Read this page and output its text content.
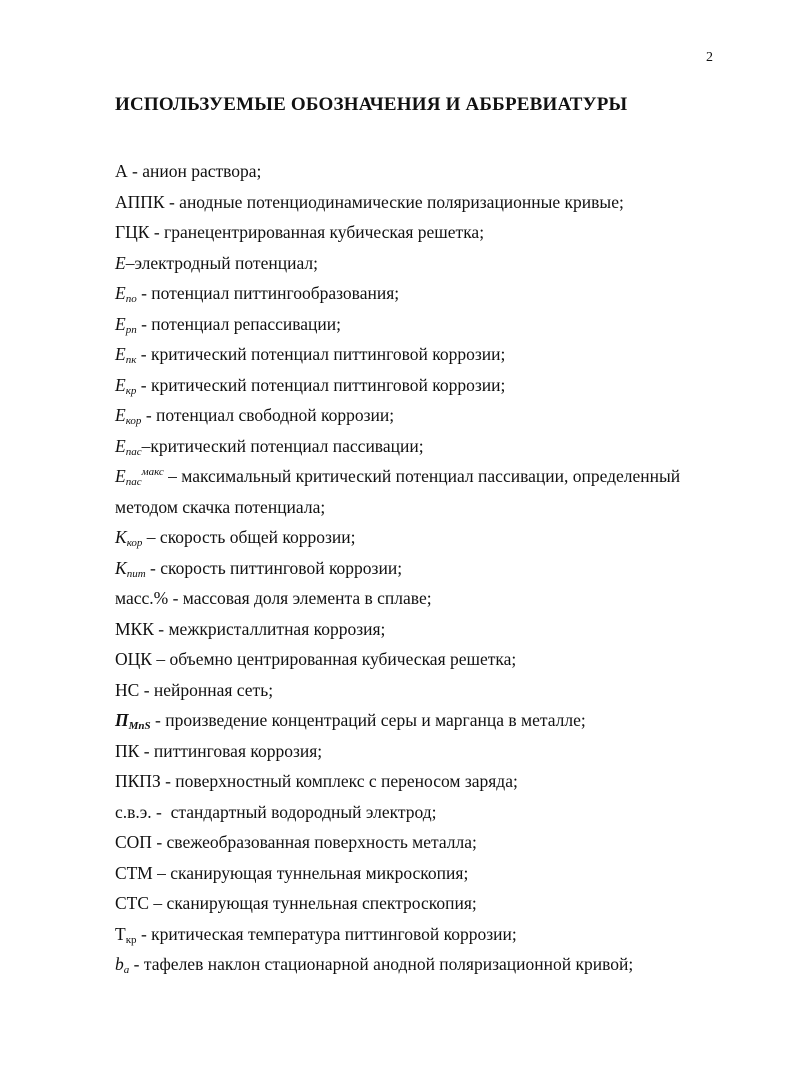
2
ИСПОЛЬЗУЕМЫЕ ОБОЗНАЧЕНИЯ И АББРЕВИАТУРЫ
А - анион раствора;
АППК - анодные потенциодинамические поляризационные кривые;
ГЦК - гранецентрированная кубическая решетка;
E–электродный потенциал;
$E_{по}$ - потенциал питтингообразования;
$E_{рп}$ - потенциал репассивации;
$E_{пк}$ - критический потенциал питтинговой коррозии;
$E_{кр}$ - критический потенциал питтинговой коррозии;
$E_{кор}$ - потенциал свободной коррозии;
$E_{пас}$–критический потенциал пассивации;
$E_{пас}^{макс}$ – максимальный критический потенциал пассивации, определенный методом скачка потенциала;
$K_{кор}$ – скорость общей коррозии;
$K_{пит}$ - скорость питтинговой коррозии;
масс.% - массовая доля элемента в сплаве;
МКК - межкристаллитная коррозия;
ОЦК – объемно центрированная кубическая решетка;
НС - нейронная сеть;
$П_{MnS}$ - произведение концентраций серы и марганца в металле;
ПК - питтинговая коррозия;
ПКПЗ - поверхностный комплекс с переносом заряда;
с.в.э. -  стандартный водородный электрод;
СОП - свежеобразованная поверхность металла;
СТМ – сканирующая туннельная микроскопия;
СТС – сканирующая туннельная спектроскопия;
$T_{кр}$ - критическая температура питтинговой коррозии;
$b_a$ - тафелев наклон стационарной анодной поляризационной кривой;
